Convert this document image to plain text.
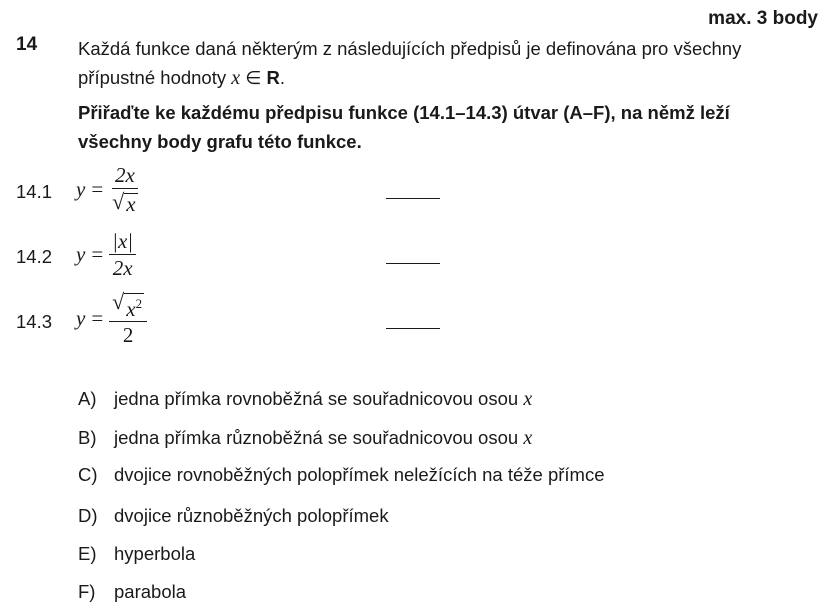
max. 3 body
14 Každá funkce daná některým z následujících předpisů je definována pro všechny přípustné hodnoty x ∈ R.
Přiřaďte ke každému předpisu funkce (14.1–14.3) útvar (A–F), na němž leží všechny body grafu této funkce.
14.1 $y = \frac{2x}{√ x}$
14.2 $y = \frac{|x|}{2x}$
14.3 $y = \frac{√ x^2}{2}$
A) jedna přímka rovnoběžná se souřadnicovou osou x
B) jedna přímka různoběžná se souřadnicovou osou x
C) dvojice rovnoběžných polopřímek neležících na téže přímce
D) dvojice různoběžných polopřímek
E) hyperbola
F)	parabola
